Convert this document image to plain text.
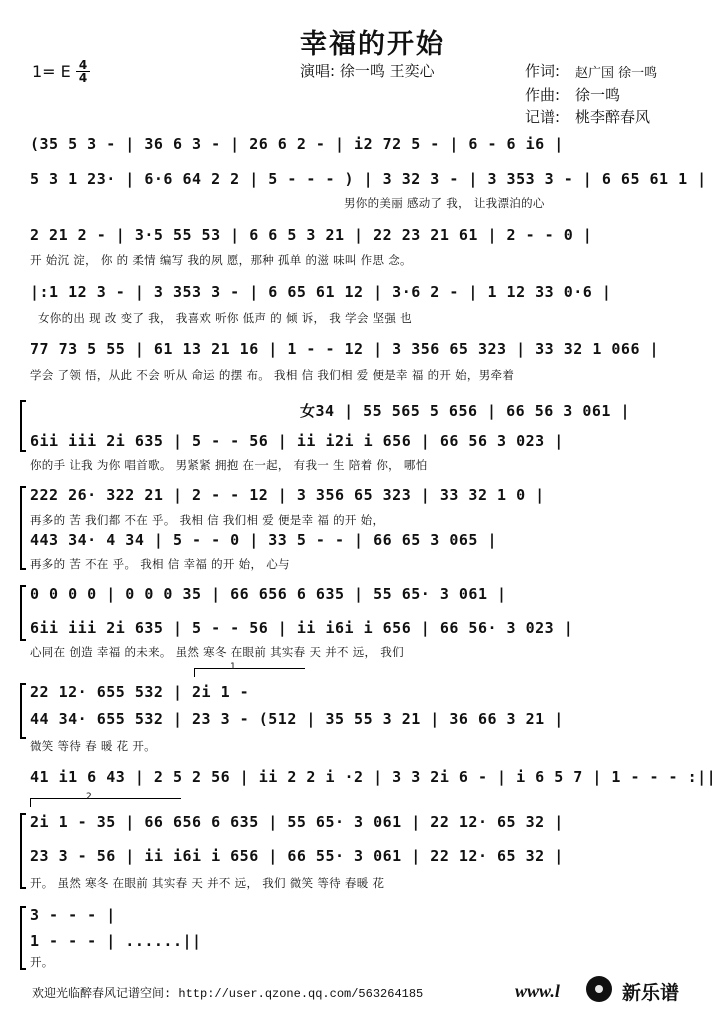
幸福的开始
1= E 4
4	演唱: 徐一鸣 王奕心	作词: 赵广国 徐一鸣
作曲: 徐一鸣
记谱: 桃李醉春风
(35 5 3 - | 36 6 3 - | 26 6 2 - | i2 72 5 - | 6 - 6 i6 |
5 3 1 23· | 6·6 64 2 2 | 5 - - - ) | 3 32 3 - | 3 353 3 - | 6 65 61 1 |
男你的美丽 感动了 我， 让我漂泊的心
2 21 2 - | 3·5 55 53 | 6 6 5 3 21 | 22 23 21 61 | 2 - - 0 |
开 始沉 淀， 你 的 柔情 编写 我的夙 愿，那种 孤单 的滋 味叫 作思 念。
|:1 12 3 - | 3 353 3 - | 6 65 61 12 | 3·6 2 - | 1 12 33 0·6 |
女你的出 现 改 变了 我， 我喜欢 听你 低声 的 倾 诉， 我 学会 坚强 也
77 73 5 55 | 61 13 21 16 | 1 - - 12 | 3 356 65 323 | 33 32 1 066 |
学会 了领 悟，从此 不会 听从 命运 的摆 布。 我相 信 我们相 爱 便是幸 福 的开 始，男牵着
女34 | 55 565 5 656 | 66 56 3 061 |
6ii iii 2i 635 | 5 - - 56 | ii i2i i 656 | 66 56 3 023 |
你的手 让我 为你 唱首歌。 男紧紧 拥抱 在一起， 有我一 生 陪着 你， 哪怕
222 26· 322 21 | 2 - - 12 | 3 356 65 323 | 33 32 1 0 |
再多的 苦 我们都 不在 乎。 我相 信 我们相 爱 便是幸 福 的开 始，
443 34· 4 34 | 5 - - 0 | 33 5 - - | 66 65 3 065 |
再多的 苦 不在 乎。 我相 信 幸福 的开 始， 心与
0 0 0 0 | 0 0 0 35 | 66 656 6 635 | 55 65· 3 061 |
6ii iii 2i 635 | 5 - - 56 | ii i6i i 656 | 66 56· 3 023 |
心同在 创造 幸福 的未来。 虽然 寒冬 在眼前 其实春 天 并不 远， 我们
1
22 12· 655 532 | 2i 1 -
44 34· 655 532 | 23 3 - (512 | 35 55 3 21 | 36 66 3 21 |
微笑 等待 春 暖 花 开。
41 i1 6 43 | 2 5 2 56 | ii 2 2 i ·2 | 3 3 2i 6 - | i 6 5 7 | 1 - - - :||
2
2i 1 - 35 | 66 656 6 635 | 55 65· 3 061 | 22 12· 65 32 |
23 3 - 56 | ii i6i i 656 | 66 55· 3 061 | 22 12· 65 32 |
开。 虽然 寒冬 在眼前 其实春 天 并不 远， 我们 微笑 等待 春暖 花
3 - - - |
1 - - - | ......||
开。
欢迎光临醉春风记谱空间: http://user.qzone.qq.com/563264185	www.l	新乐谱
